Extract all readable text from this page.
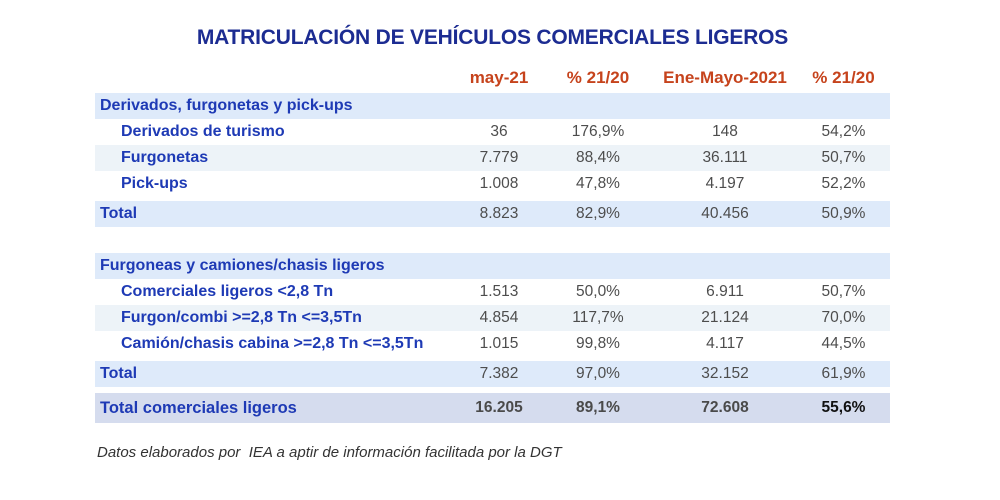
MATRICULACIÓN DE VEHÍCULOS COMERCIALES LIGEROS
may-21	% 21/20	Ene-Mayo-2021	% 21/20
Derivados, furgonetas y pick-ups
Derivados de turismo	36	176,9%	148	54,2%
Furgonetas	7.779	88,4%	36.111	50,7%
Pick-ups	1.008	47,8%	4.197	52,2%
Total	8.823	82,9%	40.456	50,9%
Furgoneas y camiones/chasis ligeros
Comerciales ligeros <2,8 Tn	1.513	50,0%	6.911	50,7%
Furgon/combi >=2,8 Tn <=3,5Tn	4.854	117,7%	21.124	70,0%
Camión/chasis cabina >=2,8 Tn <=3,5Tn	1.015	99,8%	4.117	44,5%
Total	7.382	97,0%	32.152	61,9%
Total comerciales ligeros	16.205	89,1%	72.608	55,6%
Datos elaborados por  IEA a aptir de información facilitada por la DGT
